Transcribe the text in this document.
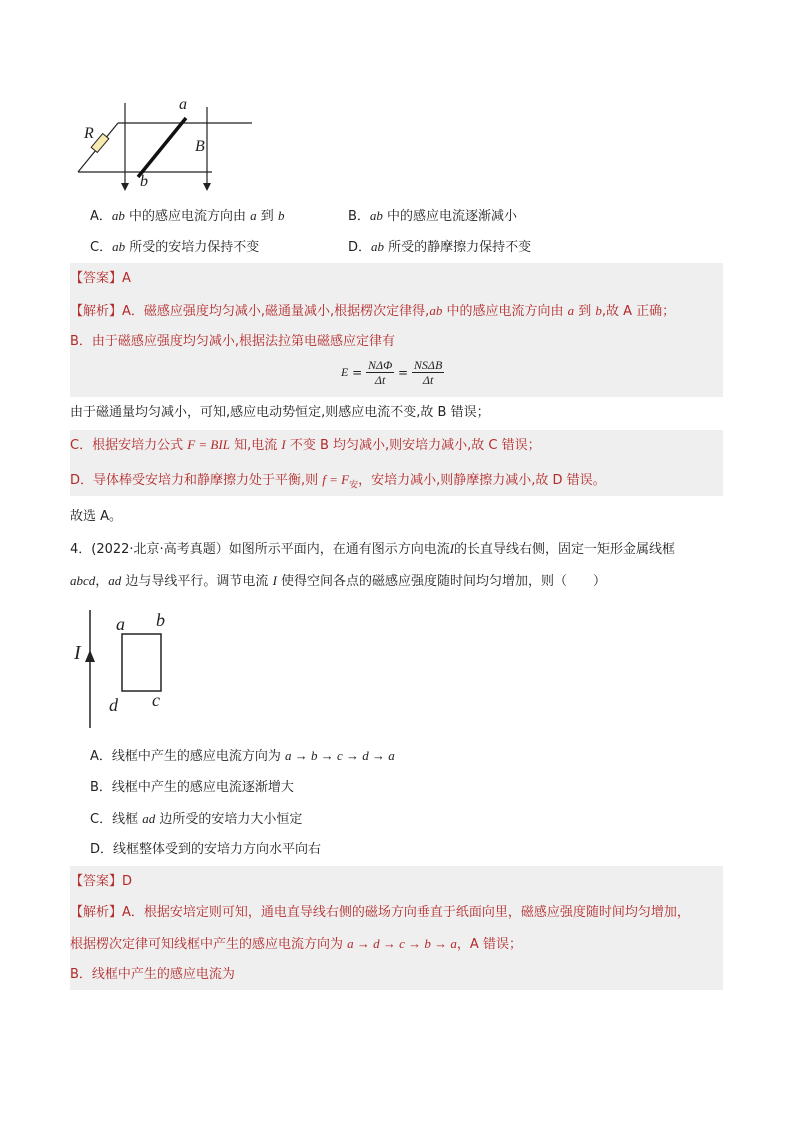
a
b
R
B
A．ab 中的感应电流方向由 a 到 b	B．ab 中的感应电流逐渐减小
C．ab 所受的安培力保持不变	D．ab 所受的静摩擦力保持不变
【答案】A
【解析】A．磁感应强度均匀减小,磁通量减小,根据楞次定律得,ab 中的感应电流方向由 a 到 b,故 A 正确；
B．由于磁感应强度均匀减小,根据法拉第电磁感应定律有
$E = \frac{\text{NΔΦ}}{\Delta t} = \frac{\text{NSΔB}}{\Delta t}$
由于磁通量均匀减小，可知,感应电动势恒定,则感应电流不变,故 B 错误；
C．根据安培力公式 F = BIL 知,电流 I 不变 B 均匀减小,则安培力减小,故 C 错误；
D．导体棒受安培力和静摩擦力处于平衡,则 $f = F_安$，安培力减小,则静摩擦力减小,故 D 错误。
故选 A。
4．(2022·北京·高考真题）如图所示平面内，在通有图示方向电流I的长直导线右侧，固定一矩形金属线框
abcd，ad 边与导线平行。调节电流 I 使得空间各点的磁感应强度随时间均匀增加，则（　　）
I
a b
c
d
A．线框中产生的感应电流方向为 a → b → c → d → a
B．线框中产生的感应电流逐渐增大
C．线框 ad 边所受的安培力大小恒定
D．线框整体受到的安培力方向水平向右
【答案】D
【解析】A．根据安培定则可知，通电直导线右侧的磁场方向垂直于纸面向里，磁感应强度随时间均匀增加，
根据楞次定律可知线框中产生的感应电流方向为 a → d → c → b → a，A 错误；
B．线框中产生的感应电流为
